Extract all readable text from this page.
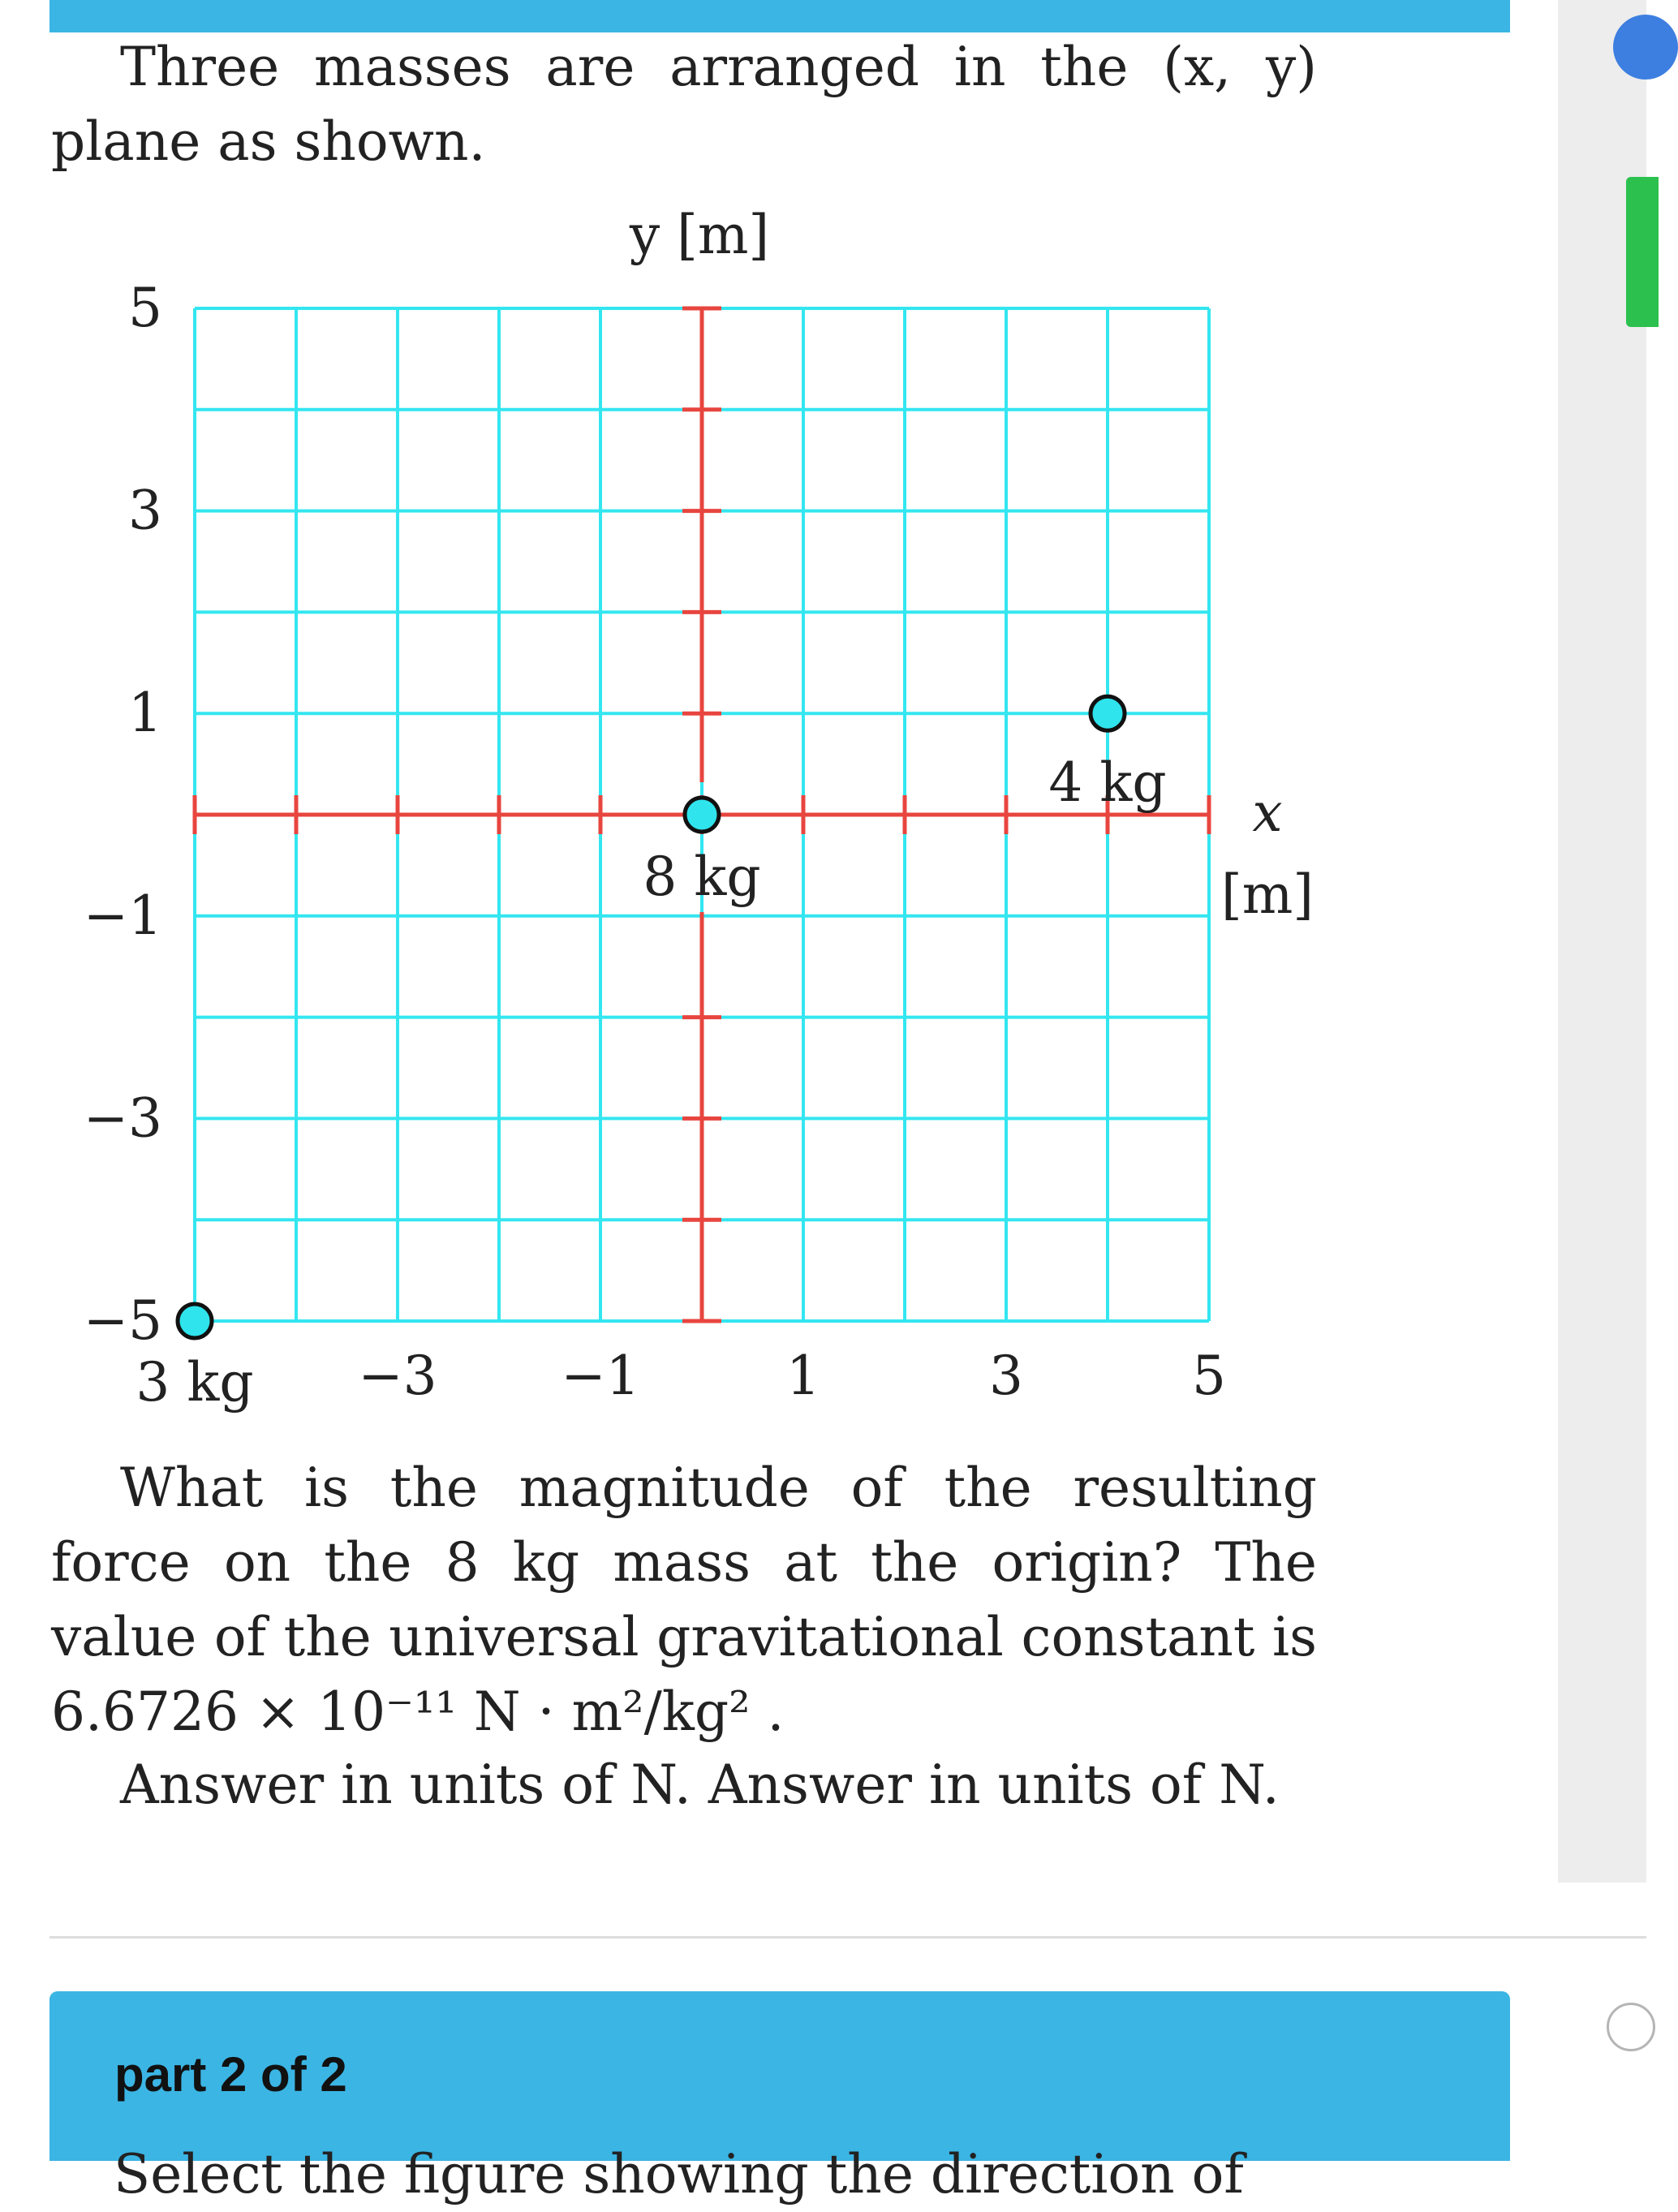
Three masses are arranged in the (x, y) plane as shown.

−3 −1	1	3	5
5
3
1
−1
−3
−5
8 kg
4 kg
3 kg
y [m]
x
[m]

What is the magnitude of the resulting force on the 8 kg mass at the origin? The value of the universal gravitational constant is 6.6726 × 10⁻¹¹ N · m²/kg² .

Answer in units of N. Answer in units of N.

part 2 of 2
Select the figure showing the direction of
